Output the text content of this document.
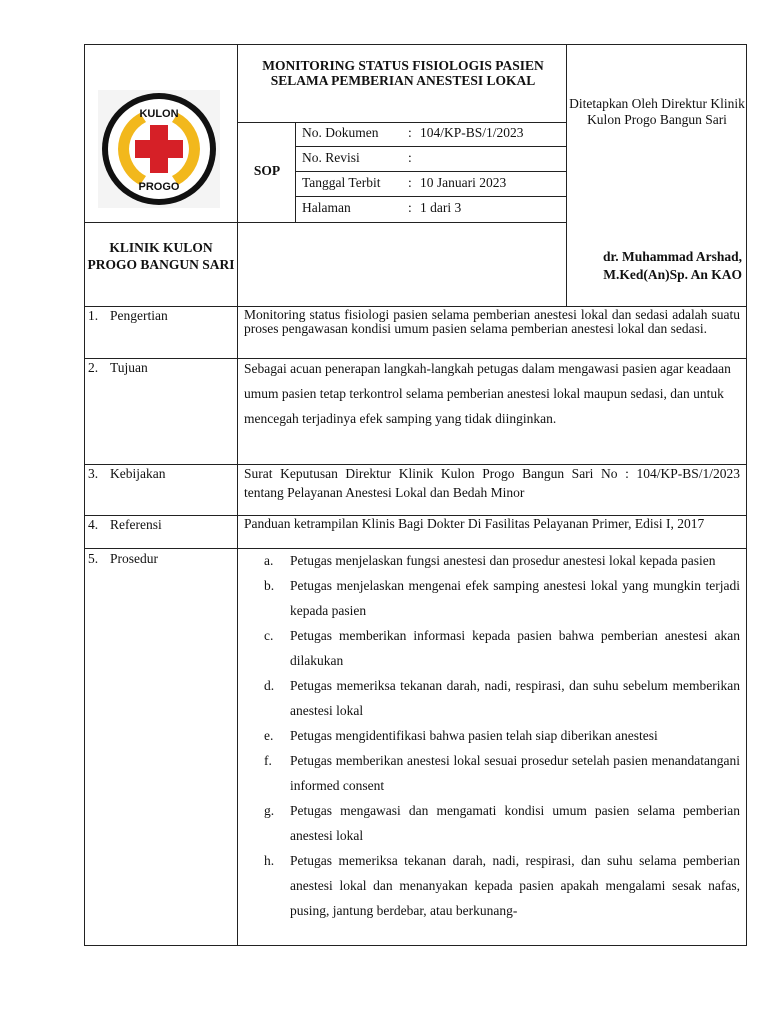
KULON
PROGO
MONITORING STATUS FISIOLOGIS PASIEN SELAMA PEMBERIAN ANESTESI LOKAL
SOP
No. Dokumen : 104/KP-BS/1/2023
No. Revisi	:
Tanggal Terbit : 10 Januari 2023
Halaman	: 1 dari 3
KLINIK KULON PROGO BANGUN SARI
Ditetapkan Oleh Direktur Klinik Kulon Progo Bangun Sari
dr. Muhammad Arshad,
M.Ked(An)Sp. An KAO
1. Pengertian
2. Tujuan
3. Kebijakan
4. Referensi
5. Prosedur
Monitoring status fisiologi pasien selama pemberian anestesi lokal dan sedasi adalah suatu proses pengawasan kondisi umum pasien selama pemberian anestesi lokal dan sedasi.
Sebagai acuan penerapan langkah-langkah petugas dalam mengawasi pasien agar keadaan umum pasien tetap terkontrol selama pemberian anestesi lokal maupun sedasi, dan untuk mencegah terjadinya efek samping yang tidak diinginkan.
Surat Keputusan Direktur Klinik Kulon Progo Bangun Sari No : 104/KP-BS/1/2023 tentang Pelayanan Anestesi Lokal dan Bedah Minor
Panduan ketrampilan Klinis Bagi Dokter Di Fasilitas Pelayanan Primer, Edisi I, 2017
a. Petugas menjelaskan fungsi anestesi dan prosedur anestesi lokal kepada pasien
b. Petugas menjelaskan mengenai efek samping anestesi lokal yang mungkin terjadi kepada pasien
c. Petugas memberikan informasi kepada pasien bahwa pemberian anestesi akan dilakukan
d. Petugas memeriksa tekanan darah, nadi, respirasi, dan suhu sebelum memberikan anestesi lokal
e. Petugas mengidentifikasi bahwa pasien telah siap diberikan anestesi
f. Petugas memberikan anestesi lokal sesuai prosedur setelah pasien menandatangani informed consent
g. Petugas mengawasi dan mengamati kondisi umum pasien selama pemberian anestesi lokal
h. Petugas memeriksa tekanan darah, nadi, respirasi, dan suhu selama pemberian anestesi lokal dan menanyakan kepada pasien apakah mengalami sesak nafas, pusing, jantung berdebar, atau berkunang-
